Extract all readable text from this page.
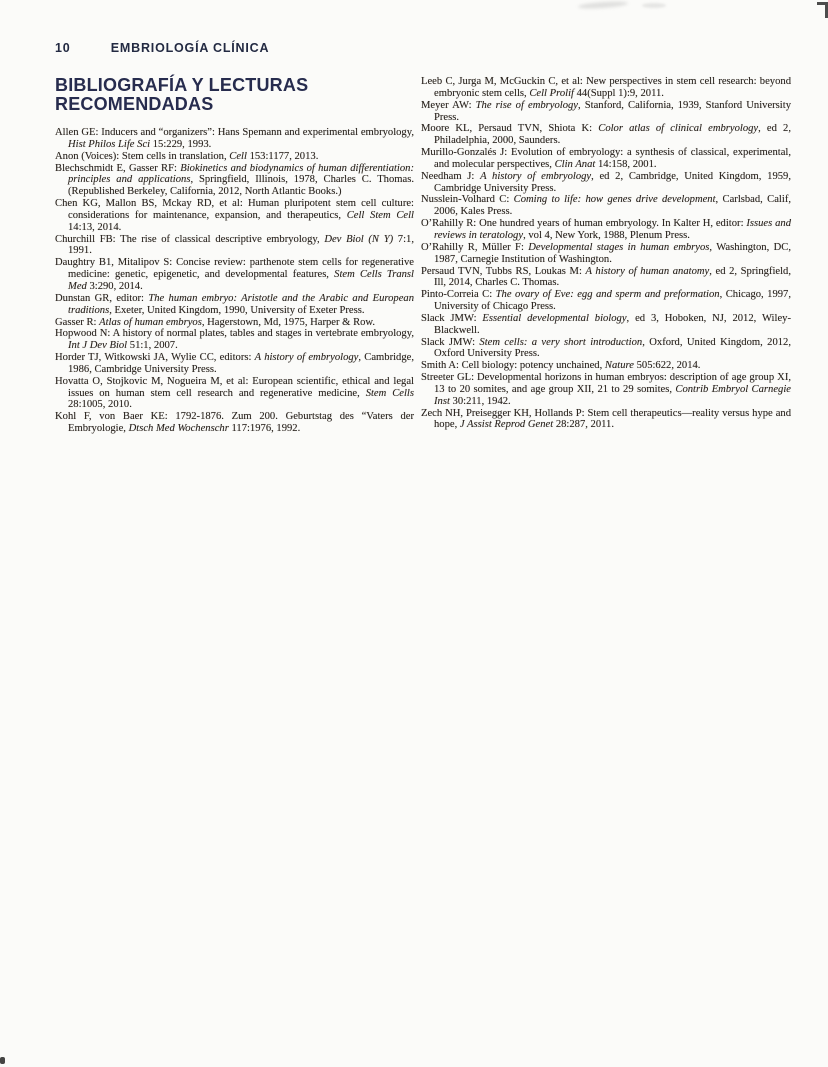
10	EMBRIOLOGÍA CLÍNICA
BIBLIOGRAFÍA Y LECTURAS RECOMENDADAS

Allen GE: Inducers and “organizers”: Hans Spemann and experimental embryology, Hist Philos Life Sci 15:229, 1993.

Anon (Voices): Stem cells in translation, Cell 153:1177, 2013.

Blechschmidt E, Gasser RF: Biokinetics and biodynamics of human differentiation: principles and applications, Springfield, Illinois, 1978, Charles C. Thomas. (Republished Berkeley, California, 2012, North Atlantic Books.)

Chen KG, Mallon BS, Mckay RD, et al: Human pluripotent stem cell culture: considerations for maintenance, expansion, and therapeutics, Cell Stem Cell 14:13, 2014.

Churchill FB: The rise of classical descriptive embryology, Dev Biol (N Y) 7:1, 1991.

Daughtry B1, Mitalipov S: Concise review: parthenote stem cells for regenerative medicine: genetic, epigenetic, and developmental features, Stem Cells Transl Med 3:290, 2014.

Dunstan GR, editor: The human embryo: Aristotle and the Arabic and European traditions, Exeter, United Kingdom, 1990, University of Exeter Press.

Gasser R: Atlas of human embryos, Hagerstown, Md, 1975, Harper & Row.

Hopwood N: A history of normal plates, tables and stages in vertebrate embryology, Int J Dev Biol 51:1, 2007.

Horder TJ, Witkowski JA, Wylie CC, editors: A history of embryology, Cambridge, 1986, Cambridge University Press.

Hovatta O, Stojkovic M, Nogueira M, et al: European scientific, ethical and legal issues on human stem cell research and regenerative medicine, Stem Cells 28:1005, 2010.

Kohl F, von Baer KE: 1792-1876. Zum 200. Geburtstag des “Vaters der Embryologie, Dtsch Med Wochenschr 117:1976, 1992.

Leeb C, Jurga M, McGuckin C, et al: New perspectives in stem cell research: beyond embryonic stem cells, Cell Prolif 44(Suppl 1):9, 2011.

Meyer AW: The rise of embryology, Stanford, California, 1939, Stanford University Press.

Moore KL, Persaud TVN, Shiota K: Color atlas of clinical embryology, ed 2, Philadelphia, 2000, Saunders.

Murillo-Gonzalés J: Evolution of embryology: a synthesis of classical, experimental, and molecular perspectives, Clin Anat 14:158, 2001.

Needham J: A history of embryology, ed 2, Cambridge, United Kingdom, 1959, Cambridge University Press.

Nusslein-Volhard C: Coming to life: how genes drive development, Carlsbad, Calif, 2006, Kales Press.

O’Rahilly R: One hundred years of human embryology. In Kalter H, editor: Issues and reviews in teratology, vol 4, New York, 1988, Plenum Press.

O’Rahilly R, Müller F: Developmental stages in human embryos, Washington, DC, 1987, Carnegie Institution of Washington.

Persaud TVN, Tubbs RS, Loukas M: A history of human anatomy, ed 2, Springfield, Ill, 2014, Charles C. Thomas.

Pinto-Correia C: The ovary of Eve: egg and sperm and preformation, Chicago, 1997, University of Chicago Press.

Slack JMW: Essential developmental biology, ed 3, Hoboken, NJ, 2012, Wiley-Blackwell.

Slack JMW: Stem cells: a very short introduction, Oxford, United Kingdom, 2012, Oxford University Press.

Smith A: Cell biology: potency unchained, Nature 505:622, 2014.

Streeter GL: Developmental horizons in human embryos: description of age group XI, 13 to 20 somites, and age group XII, 21 to 29 somites, Contrib Embryol Carnegie Inst 30:211, 1942.

Zech NH, Preisegger KH, Hollands P: Stem cell therapeutics—reality versus hype and hope, J Assist Reprod Genet 28:287, 2011.
